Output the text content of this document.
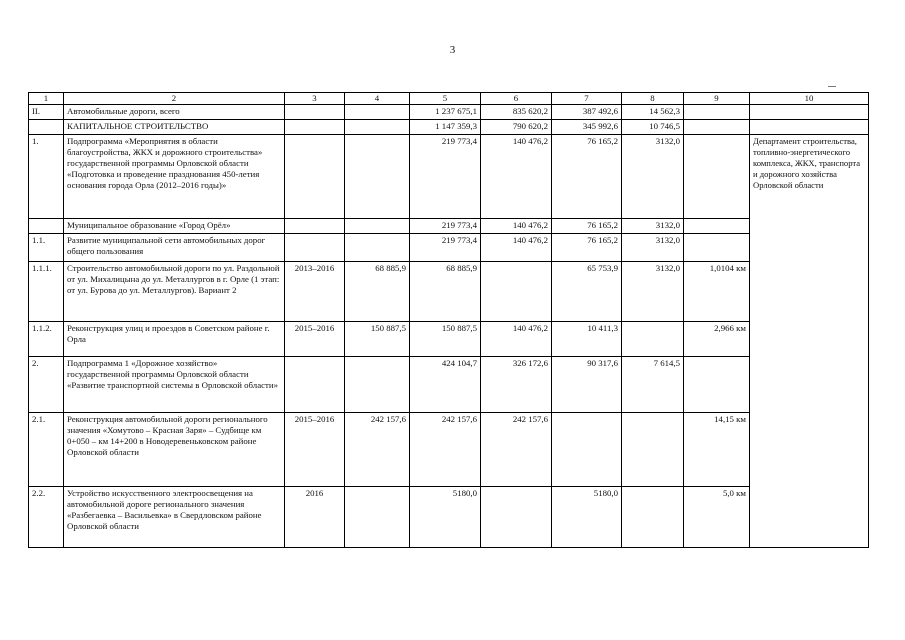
3
1	2	3	4	5	6	7	8	9	10	
II.	Автомобильные дороги, всего			1 237 675,1	835 620,2	387 492,6	14 562,3			
	КАПИТАЛЬНОЕ СТРОИТЕЛЬСТВО			1 147 359,3	790 620,2	345 992,6	10 746,5			
1.	Подпрограмма «Мероприятия в области благоустройства, ЖКХ и дорожного строительства» государственной программы Орловской области «Подготовка и проведение празднования 450-летия основания города Орла (2012–2016 годы)»			219 773,4	140 476,2	76 165,2	3132,0		Департамент строительства, топливно-энергетического комплекса, ЖКХ, транспорта и дорожного хозяйства Орловской области	
	Муниципальное образование «Город Орёл»			219 773,4	140 476,2	76 165,2	3132,0			
1.1.	Развитие муниципальной сети автомобильных дорог общего пользования			219 773,4	140 476,2	76 165,2	3132,0			
1.1.1.	Строительство автомобильной дороги по ул. Раздольной от ул. Михалицына до ул. Металлургов в г. Орле (1 этап: от ул. Бурова до ул. Металлургов). Вариант 2	2013–2016	68 885,9	68 885,9		65 753,9	3132,0	1,0104 км		
1.1.2.	Реконструкция улиц и проездов в Советском районе г. Орла	2015–2016	150 887,5	150 887,5	140 476,2	10 411,3		2,966 км		
2.	Подпрограмма 1 «Дорожное хозяйство» государственной программы Орловской области «Развитие транспортной системы в Орловской области»			424 104,7	326 172,6	90 317,6	7 614,5			
2.1.	Реконструкция автомобильной дороги регионального значения «Хомутово – Красная Заря» – Судбище км 0+050 – км 14+200 в Новодеревеньковском районе Орловской области	2015–2016	242 157,6	242 157,6	242 157,6			14,15 км	
2.2.	Устройство искусственного электроосвещения на автомобильной дороге регионального значения «Разбегаевка – Васильевка» в Свердловском районе Орловской области	2016		5180,0		5180,0		5,0 км		
